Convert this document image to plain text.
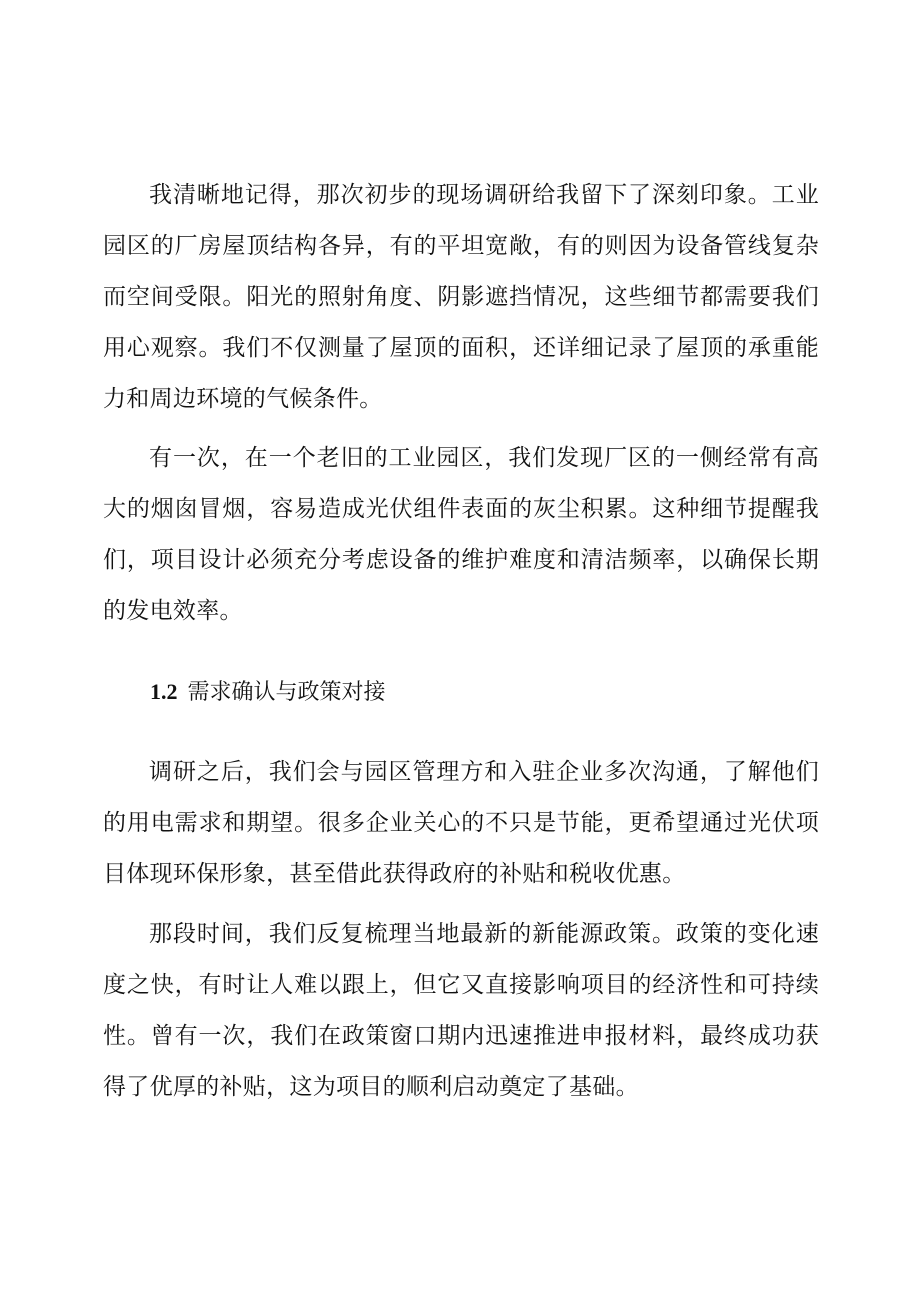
我清晰地记得，那次初步的现场调研给我留下了深刻印象。工业园区的厂房屋顶结构各异，有的平坦宽敞，有的则因为设备管线复杂而空间受限。阳光的照射角度、阴影遮挡情况，这些细节都需要我们用心观察。我们不仅测量了屋顶的面积，还详细记录了屋顶的承重能力和周边环境的气候条件。

有一次，在一个老旧的工业园区，我们发现厂区的一侧经常有高大的烟囱冒烟，容易造成光伏组件表面的灰尘积累。这种细节提醒我们，项目设计必须充分考虑设备的维护难度和清洁频率，以确保长期的发电效率。

1.2 需求确认与政策对接

调研之后，我们会与园区管理方和入驻企业多次沟通，了解他们的用电需求和期望。很多企业关心的不只是节能，更希望通过光伏项目体现环保形象，甚至借此获得政府的补贴和税收优惠。

那段时间，我们反复梳理当地最新的新能源政策。政策的变化速度之快，有时让人难以跟上，但它又直接影响项目的经济性和可持续性。曾有一次，我们在政策窗口期内迅速推进申报材料，最终成功获得了优厚的补贴，这为项目的顺利启动奠定了基础。
